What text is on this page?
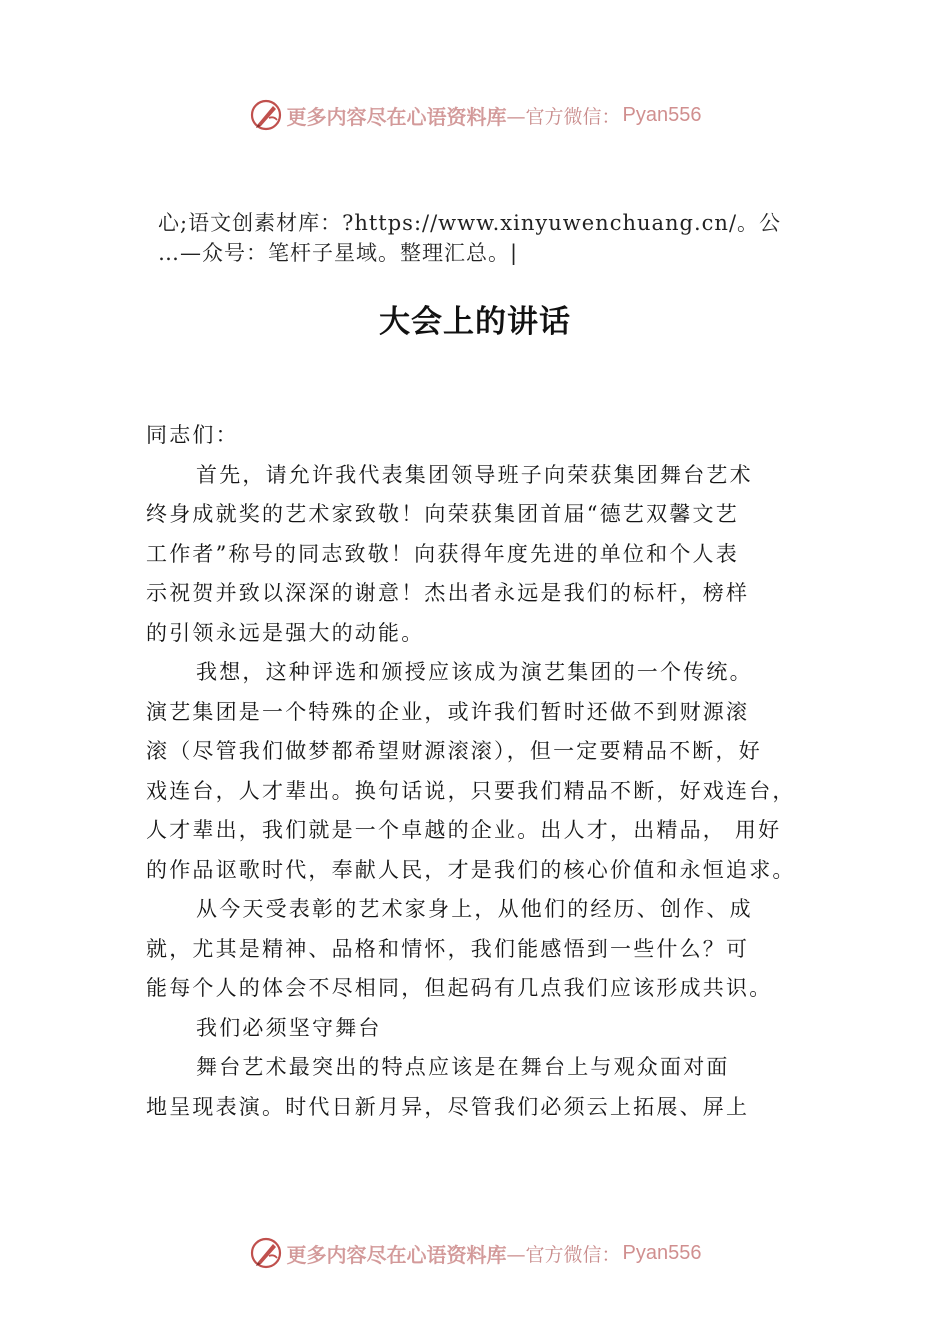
更多内容尽在心语资料库 —官方微信： Pyan556
心;语文创素材库：?https://www.xinyuwenchuang.cn/。公
…—众号：笔杆子星域。整理汇总。|
大会上的讲话
同志们：
首先，请允许我代表集团领导班子向荣获集团舞台艺术
终身成就奖的艺术家致敬！向荣获集团首届“德艺双馨文艺
工作者”称号的同志致敬！向获得年度先进的单位和个人表
示祝贺并致以深深的谢意！杰出者永远是我们的标杆，榜样
的引领永远是强大的动能。
我想，这种评选和颁授应该成为演艺集团的一个传统。
演艺集团是一个特殊的企业，或许我们暂时还做不到财源滚
滚（尽管我们做梦都希望财源滚滚），但一定要精品不断，好
戏连台，人才辈出。换句话说，只要我们精品不断，好戏连台，
人才辈出，我们就是一个卓越的企业。出人才，出精品， 用好
的作品讴歌时代，奉献人民，才是我们的核心价值和永恒追求。
从今天受表彰的艺术家身上，从他们的经历、创作、成
就，尤其是精神、品格和情怀，我们能感悟到一些什么？可
能每个人的体会不尽相同，但起码有几点我们应该形成共识。
我们必须坚守舞台
舞台艺术最突出的特点应该是在舞台上与观众面对面
地呈现表演。时代日新月异，尽管我们必须云上拓展、屏上
更多内容尽在心语资料库 —官方微信： Pyan556
